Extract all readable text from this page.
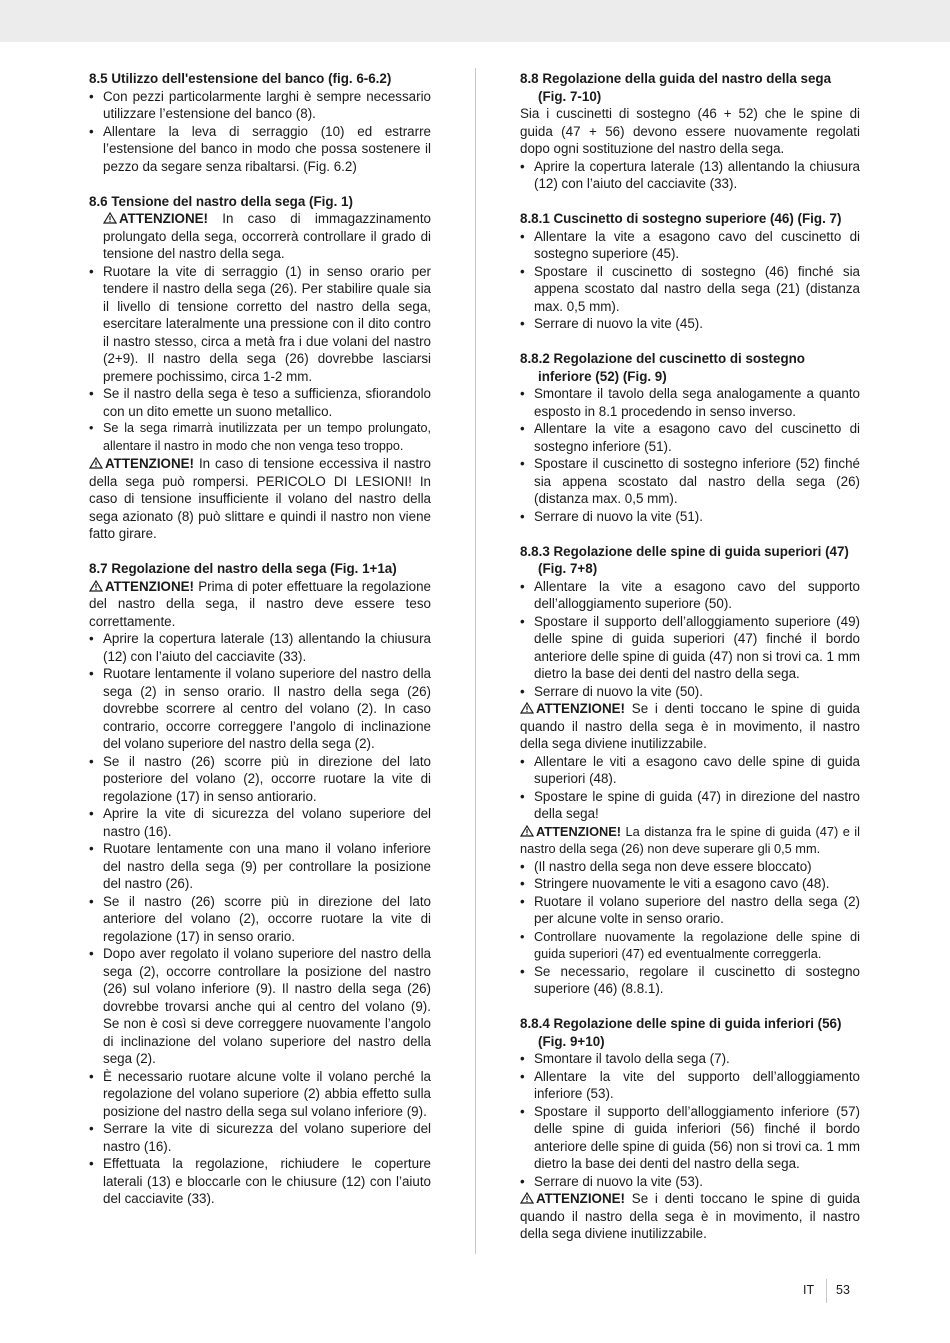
8.5 Utilizzo dell'estensione del banco (fig. 6-6.2)
• Con pezzi particolarmente larghi è sempre necessario utilizzare l’estensione del banco (8).
• Allentare la leva di serraggio (10) ed estrarre l’estensione del banco in modo che possa sostenere il pezzo da segare senza ribaltarsi. (Fig. 6.2)
8.6 Tensione del nastro della sega (Fig. 1)
ATTENZIONE! In caso di immagazzinamento prolungato della sega, occorrerà controllare il grado di tensione del nastro della sega.
• Ruotare la vite di serraggio (1) in senso orario per tendere il nastro della sega (26). Per stabilire quale sia il livello di tensione corretto del nastro della sega, esercitare lateralmente una pressione con il dito contro il nastro stesso, circa a metà fra i due volani del nastro (2+9). Il nastro della sega (26) dovrebbe lasciarsi premere pochissimo, circa 1-2 mm.
• Se il nastro della sega è teso a sufficienza, sfiorandolo con un dito emette un suono metallico.
• Se la sega rimarrà inutilizzata per un tempo prolungato, allentare il nastro in modo che non venga teso troppo.

ATTENZIONE! In caso di tensione eccessiva il nastro della sega può rompersi. PERICOLO DI LESIONI! In caso di tensione insufficiente il volano del nastro della sega azionato (8) può slittare e quindi il nastro non viene fatto girare.

8.7 Regolazione del nastro della sega (Fig. 1+1a)

ATTENZIONE! Prima di poter effettuare la regolazione del nastro della sega, il nastro deve essere teso correttamente.

• Aprire la copertura laterale (13) allentando la chiusura (12) con l’aiuto del cacciavite (33).
• Ruotare lentamente il volano superiore del nastro della sega (2) in senso orario. Il nastro della sega (26) dovrebbe scorrere al centro del volano (2). In caso contrario, occorre correggere l’angolo di inclinazione del volano superiore del nastro della sega (2).
• Se il nastro (26) scorre più in direzione del lato posteriore del volano (2), occorre ruotare la vite di regolazione (17) in senso antiorario.
• Aprire la vite di sicurezza del volano superiore del nastro (16).
• Ruotare lentamente con una mano il volano inferiore del nastro della sega (9) per controllare la posizione del nastro (26).
• Se il nastro (26) scorre più in direzione del lato anteriore del volano (2), occorre ruotare la vite di regolazione (17) in senso orario.
• Dopo aver regolato il volano superiore del nastro della sega (2), occorre controllare la posizione del nastro (26) sul volano inferiore (9). Il nastro della sega (26) dovrebbe trovarsi anche qui al centro del volano (9). Se non è così si deve correggere nuovamente l’angolo di inclinazione del volano superiore del nastro della sega (2).
• È necessario ruotare alcune volte il volano perché la regolazione del volano superiore (2) abbia effetto sulla posizione del nastro della sega sul volano inferiore (9).
• Serrare la vite di sicurezza del volano superiore del nastro (16).
• Effettuata la regolazione, richiudere le coperture laterali (13) e bloccarle con le chiusure (12) con l’aiuto del cacciavite (33).
8.8 Regolazione della guida del nastro della sega (Fig. 7-10)

Sia i cuscinetti di sostegno (46 + 52) che le spine di guida (47 + 56) devono essere nuovamente regolati dopo ogni sostituzione del nastro della sega.

• Aprire la copertura laterale (13) allentando la chiusura (12) con l’aiuto del cacciavite (33).
8.8.1 Cuscinetto di sostegno superiore (46) (Fig. 7)
• Allentare la vite a esagono cavo del cuscinetto di sostegno superiore (45).
• Spostare il cuscinetto di sostegno (46) finché sia appena scostato dal nastro della sega (21) (distanza max. 0,5 mm).
• Serrare di nuovo la vite (45).
8.8.2 Regolazione del cuscinetto di sostegno inferiore (52) (Fig. 9)
• Smontare il tavolo della sega analogamente a quanto esposto in 8.1 procedendo in senso inverso.
• Allentare la vite a esagono cavo del cuscinetto di sostegno inferiore (51).
• Spostare il cuscinetto di sostegno inferiore (52) finché sia appena scostato dal nastro della sega (26) (distanza max. 0,5 mm).
• Serrare di nuovo la vite (51).
8.8.3 Regolazione delle spine di guida superiori (47) (Fig. 7+8)
• Allentare la vite a esagono cavo del supporto dell’alloggiamento superiore (50).
• Spostare il supporto dell’alloggiamento superiore (49) delle spine di guida superiori (47) finché il bordo anteriore delle spine di guida (47) non si trovi ca. 1 mm dietro la base dei denti del nastro della sega.
• Serrare di nuovo la vite (50).

ATTENZIONE! Se i denti toccano le spine di guida quando il nastro della sega è in movimento, il nastro della sega diviene inutilizzabile.

• Allentare le viti a esagono cavo delle spine di guida superiori (48).
• Spostare le spine di guida (47) in direzione del nastro della sega!

ATTENZIONE! La distanza fra le spine di guida (47) e il nastro della sega (26) non deve superare gli 0,5 mm.

• (Il nastro della sega non deve essere bloccato)
• Stringere nuovamente le viti a esagono cavo (48).
• Ruotare il volano superiore del nastro della sega (2) per alcune volte in senso orario.
• Controllare nuovamente la regolazione delle spine di guida superiori (47) ed eventualmente correggerla.
• Se necessario, regolare il cuscinetto di sostegno superiore (46) (8.8.1).
8.8.4 Regolazione delle spine di guida inferiori (56) (Fig. 9+10)
• Smontare il tavolo della sega (7).
• Allentare la vite del supporto dell’alloggiamento inferiore (53).
• Spostare il supporto dell’alloggiamento inferiore (57) delle spine di guida inferiori (56) finché il bordo anteriore delle spine di guida (56) non si trovi ca. 1 mm dietro la base dei denti del nastro della sega.
• Serrare di nuovo la vite (53).

ATTENZIONE! Se i denti toccano le spine di guida quando il nastro della sega è in movimento, il nastro della sega diviene inutilizzabile.

IT	53
